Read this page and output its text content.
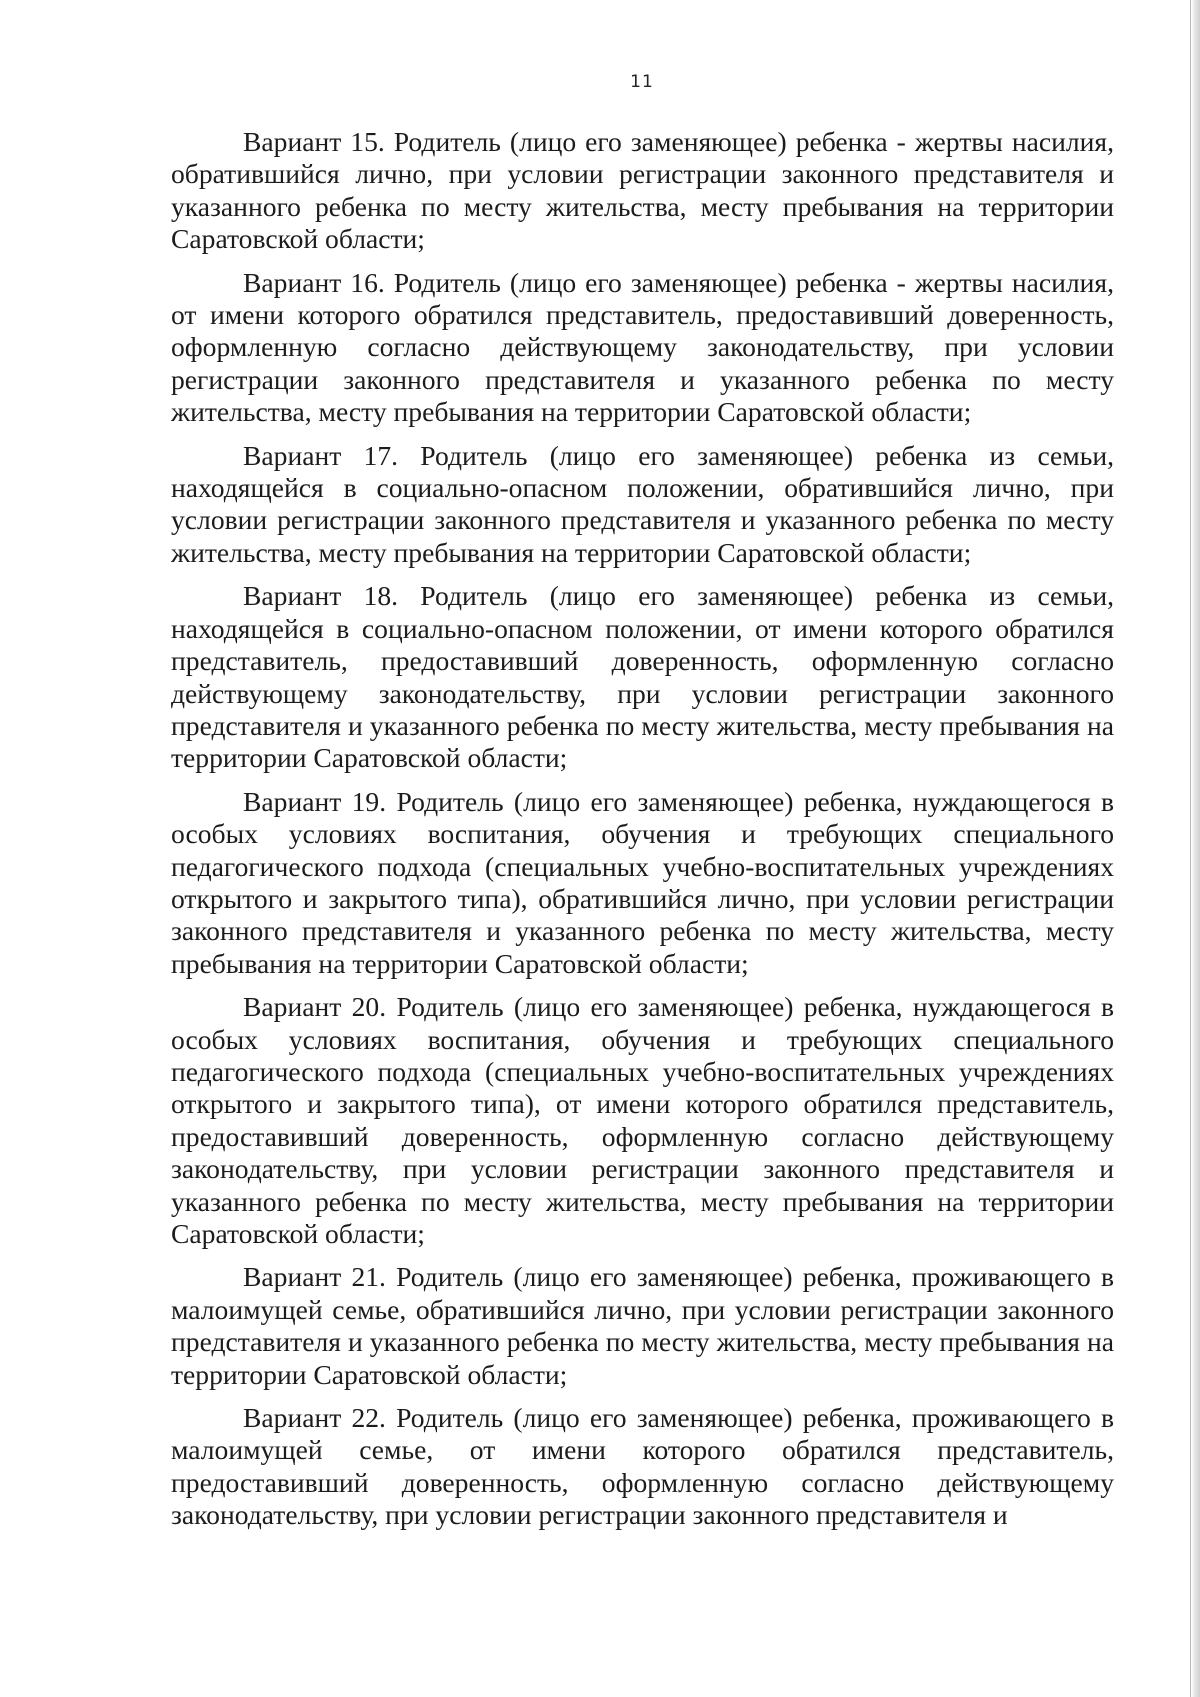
11

Вариант 15. Родитель (лицо его заменяющее) ребенка - жертвы насилия, обратившийся лично, при условии регистрации законного представителя и указанного ребенка по месту жительства, месту пребывания на территории Саратовской области;

Вариант 16. Родитель (лицо его заменяющее) ребенка - жертвы насилия, от имени которого обратился представитель, предоставивший доверенность, оформленную согласно действующему законодательству, при условии регистрации законного представителя и указанного ребенка по месту жительства, месту пребывания на территории Саратовской области;

Вариант 17. Родитель (лицо его заменяющее) ребенка из семьи, находящейся в социально-опасном положении, обратившийся лично, при условии регистрации законного представителя и указанного ребенка по месту жительства, месту пребывания на территории Саратовской области;

Вариант 18. Родитель (лицо его заменяющее) ребенка из семьи, находящейся в социально-опасном положении, от имени которого обратился представитель, предоставивший доверенность, оформленную согласно действующему законодательству, при условии регистрации законного представителя и указанного ребенка по месту жительства, месту пребывания на территории Саратовской области;

Вариант 19. Родитель (лицо его заменяющее) ребенка, нуждающегося в особых условиях воспитания, обучения и требующих специального педагогического подхода (специальных учебно-воспитательных учреждениях открытого и закрытого типа), обратившийся лично, при условии регистрации законного представителя и указанного ребенка по месту жительства, месту пребывания на территории Саратовской области;

Вариант 20. Родитель (лицо его заменяющее) ребенка, нуждающегося в особых условиях воспитания, обучения и требующих специального педагогического подхода (специальных учебно-воспитательных учреждениях открытого и закрытого типа), от имени которого обратился представитель, предоставивший доверенность, оформленную согласно действующему законодательству, при условии регистрации законного представителя и указанного ребенка по месту жительства, месту пребывания на территории Саратовской области;

Вариант 21. Родитель (лицо его заменяющее) ребенка, проживающего в малоимущей семье, обратившийся лично, при условии регистрации законного представителя и указанного ребенка по месту жительства, месту пребывания на территории Саратовской области;

Вариант 22. Родитель (лицо его заменяющее) ребенка, проживающего в малоимущей семье, от имени которого обратился представитель, предоставивший доверенность, оформленную согласно действующему законодательству, при условии регистрации законного представителя и
